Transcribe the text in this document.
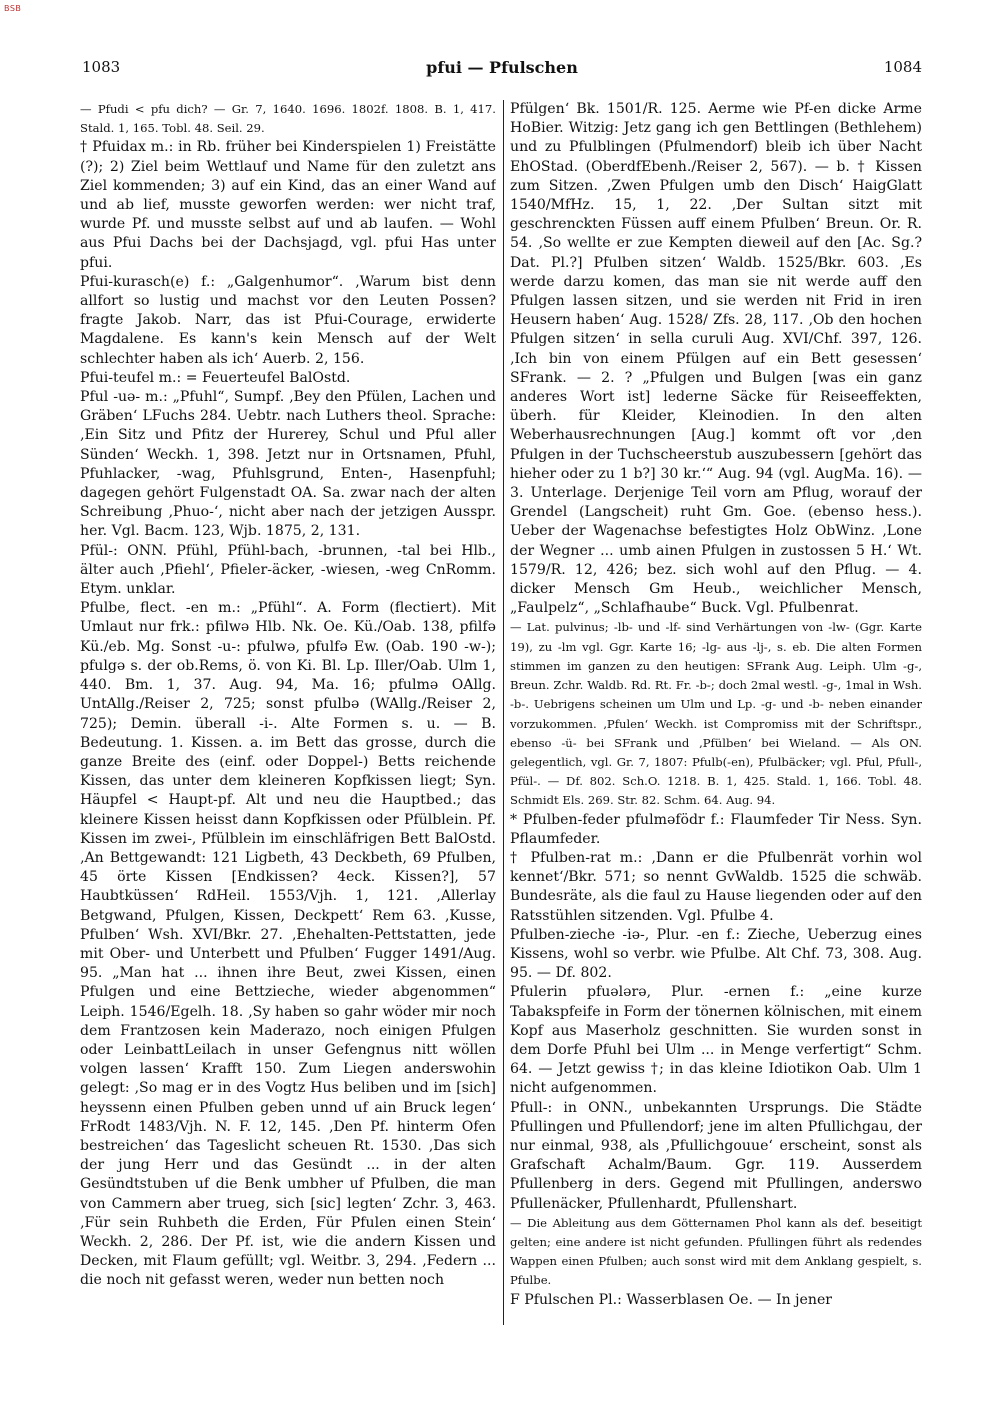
BSB
1083	pfui — Pfulschen	1084

— Pfudi < pfu dich? — Gr. 7, 1640. 1696. 1802f. 1808. B. 1, 417. Stald. 1, 165. Tobl. 48. Seil. 29.

† Pfuidax m.: in Rb. früher bei Kinderspielen 1) Freistätte (?); 2) Ziel beim Wettlauf und Name für den zuletzt ans Ziel kommenden; 3) auf ein Kind, das an einer Wand auf und ab lief, musste geworfen werden: wer nicht traf, wurde Pf. und musste selbst auf und ab laufen. — Wohl aus Pfui Dachs bei der Dachsjagd, vgl. pfui Has unter pfui.

Pfui-kurasch(e) f.: „Galgenhumor“. ‚Warum bist denn allfort so lustig und machst vor den Leuten Possen? fragte Jakob. Narr, das ist Pfui-Courage, erwiderte Magdalene. Es kann's kein Mensch auf der Welt schlechter haben als ich‘ Auerb. 2, 156.

Pfui-teufel m.: = Feuerteufel BalOstd.

Pful -uə- m.: „Pfuhl“, Sumpf. ‚Bey den Pfülen, Lachen und Gräben‘ LFuchs 284. Uebtr. nach Luthers theol. Sprache: ‚Ein Sitz und Pfitz der Hurerey, Schul und Pful aller Sünden‘ Weckh. 1, 398. Jetzt nur in Ortsnamen, Pfuhl, Pfuhlacker, -wag, Pfuhlsgrund, Enten-, Hasenpfuhl; dagegen gehört Fulgenstadt OA. Sa. zwar nach der alten Schreibung ‚Phuo-‘, nicht aber nach der jetzigen Ausspr. her. Vgl. Bacm. 123, Wjb. 1875, 2, 131.

Pfül-: ONN. Pfühl, Pfühl-bach, -brunnen, -tal bei Hlb., älter auch ‚Pfiehl‘, Pfieler-äcker, -wiesen, -weg CnRomm. Etym. unklar.

Pfulbe, flect. -en m.: „Pfühl“. A. Form (flectiert). Mit Umlaut nur frk.: pfilwə Hlb. Nk. Oe. Kü./Oab. 138, pfilfə Kü./eb. Mg. Sonst -u-: pfulwə, pfulfə Ew. (Oab. 190 -w-); pfulgə s. der ob.Rems, ö. von Ki. Bl. Lp. Iller/Oab. Ulm 1, 440. Bm. 1, 37. Aug. 94, Ma. 16; pfulmə OAllg. UntAllg./Reiser 2, 725; sonst pfulbə (WAllg./Reiser 2, 725); Demin. überall -i-. Alte Formen s. u. — B. Bedeutung. 1. Kissen. a. im Bett das grosse, durch die ganze Breite des (einf. oder Doppel-) Betts reichende Kissen, das unter dem kleineren Kopfkissen liegt; Syn. Häupfel < Haupt-pf. Alt und neu die Hauptbed.; das kleinere Kissen heisst dann Kopfkissen oder Pfülblein. Pf. Kissen im zwei-, Pfülblein im einschläfrigen Bett BalOstd. ‚An Bettgewandt: 121 Ligbeth, 43 Deckbeth, 69 Pfulben, 45 örte Kissen [Endkissen? 4eck. Kissen?], 57 Haubtküssen‘ RdHeil. 1553/Vjh. 1, 121. ‚Allerlay Betgwand, Pfulgen, Kissen, Deckpett‘ Rem 63. ‚Kusse, Pfulben‘ Wsh. XVI/Bkr. 27. ‚Ehehalten-Pettstatten, jede mit Ober- und Unterbett und Pfulben‘ Fugger 1491/Aug. 95. „Man hat ... ihnen ihre Beut, zwei Kissen, einen Pfulgen und eine Bettzieche, wieder abgenommen“ Leiph. 1546/Egelh. 18. ‚Sy haben so gahr wöder mir noch dem Frantzosen kein Maderazo, noch einigen Pfulgen oder LeinbattLeilach in unser Gefengnus nitt wöllen volgen lassen‘ Krafft 150. Zum Liegen anderswohin gelegt: ‚So mag er in des Vogtz Hus beliben und im [sich] heyssenn einen Pfulben geben unnd uf ain Bruck legen‘ FrRodt 1483/Vjh. N. F. 12, 145. ‚Den Pf. hinterm Ofen bestreichen‘ das Tageslicht scheuen Rt. 1530. ‚Das sich der jung Herr und das Gesündt ... in der alten Gesündtstuben uf die Benk umbher uf Pfulben, die man von Cammern aber trueg, sich [sic] legten‘ Zchr. 3, 463. ‚Für sein Ruhbeth die Erden, Für Pfulen einen Stein‘ Weckh. 2, 286. Der Pf. ist, wie die andern Kissen und Decken, mit Flaum gefüllt; vgl. Weitbr. 3, 294. ‚Federn ... die noch nit gefasst weren, weder nun betten noch

Pfülgen‘ Bk. 1501/R. 125. Aermе wie Pf-en dicke Arme HoBier. Witzig: Jetz gang ich gen Bettlingen (Bethlehem) und zu Pfulblingen (Pfulmendorf) bleib ich über Nacht EhOStad. (OberdfEbenh./Reiser 2, 567). — b. † Kissen zum Sitzen. ‚Zwen Pfulgen umb den Disch‘ HaigGlatt 1540/MfHz. 15, 1, 22. ‚Der Sultan sitzt mit geschrenckten Füssen auff einem Pfulben‘ Breun. Or. R. 54. ‚So wellte er zue Kempten dieweil auf den [Ac. Sg.? Dat. Pl.?] Pfulben sitzen‘ Waldb. 1525/Bkr. 603. ‚Es werde darzu komen, das man sie nit werde auff den Pfulgen lassen sitzen, und sie werden nit Frid in iren Heusern haben‘ Aug. 1528/ Zfs. 28, 117. ‚Ob den hochen Pfulgen sitzen‘ in sella curuli Aug. XVI/Chf. 397, 126. ‚Ich bin von einem Pfülgen auf ein Bett gesessen‘ SFrank. — 2. ? „Pfulgen und Bulgen [was ein ganz anderes Wort ist] lederne Säcke für Reiseeffekten, überh. für Kleider, Kleinodien. In den alten Weberhausrechnungen [Aug.] kommt oft vor ‚den Pfulgen in der Tuchscheerstub auszubessern [gehört das hieher oder zu 1 b?] 30 kr.‘“ Aug. 94 (vgl. AugMa. 16). — 3. Unterlage. Derjenige Teil vorn am Pflug, worauf der Grendel (Langscheit) ruht Gm. Goe. (ebenso hess.). Ueber der Wagenachse befestigtes Holz ObWinz. ‚Lone der Wegner ... umb ainen Pfulgen in zustossen 5 H.‘ Wt. 1579/R. 12, 426; bez. sich wohl auf den Pflug. — 4. dicker Mensch Gm Heub., weichlicher Mensch, „Faulpelz“, „Schlafhaube“ Buck. Vgl. Pfulbenrat.

— Lat. pulvinus; -lb- und -lf- sind Verhärtungen von -lw- (Ggr. Karte 19), zu -lm vgl. Ggr. Karte 16; -lg- aus -lj-, s. eb. Die alten Formen stimmen im ganzen zu den heutigen: SFrank Aug. Leiph. Ulm -g-, Breun. Zchr. Waldb. Rd. Rt. Fr. -b-; doch 2mal westl. -g-, 1mal in Wsh. -b-. Uebrigens scheinen um Ulm und Lp. -g- und -b- neben einander vorzukommen. ‚Pfulen‘ Weckh. ist Compromiss mit der Schriftspr., ebenso -ü- bei SFrank und ‚Pfülben‘ bei Wieland. — Als ON. gelegentlich, vgl. Gr. 7, 1807: Pfulb(-en), Pfulbäcker; vgl. Pful, Pfull-, Pfül-. — Df. 802. Sch.O. 1218. B. 1, 425. Stald. 1, 166. Tobl. 48. Schmidt Els. 269. Str. 82. Schm. 64. Aug. 94.

* Pfulben-feder pfulməfödr f.: Flaumfeder Tir Ness. Syn. Pflaumfeder.

† Pfulben-rat m.: ‚Dann er die Pfulbenrät vorhin wol kennet‘/Bkr. 571; so nennt GvWaldb. 1525 die schwäb. Bundesräte, als die faul zu Hause liegenden oder auf den Ratsstühlen sitzenden. Vgl. Pfulbe 4.

Pfulben-zieche -iə-, Plur. -en f.: Zieche, Ueberzug eines Kissens, wohl so verbr. wie Pfulbe. Alt Chf. 73, 308. Aug. 95. — Df. 802.

Pfulerin pfuələrə, Plur. -ernen f.: „eine kurze Tabakspfeife in Form der tönernen kölnischen, mit einem Kopf aus Maserholz geschnitten. Sie wurden sonst in dem Dorfe Pfuhl bei Ulm ... in Menge verfertigt“ Schm. 64. — Jetzt gewiss †; in das kleine Idiotikon Oab. Ulm 1 nicht aufgenommen.

Pfull-: in ONN., unbekannten Ursprungs. Die Städte Pfullingen und Pfullendorf; jene im alten Pfullichgau, der nur einmal, 938, als ‚Pfullichgouue‘ erscheint, sonst als Grafschaft Achalm/Baum. Ggr. 119. Ausserdem Pfullenberg in ders. Gegend mit Pfullingen, anderswo Pfullenäcker, Pfullenhardt, Pfullenshart.

— Die Ableitung aus dem Götternamen Phol kann als def. beseitigt gelten; eine andere ist nicht gefunden. Pfullingen führt als redendes Wappen einen Pfulben; auch sonst wird mit dem Anklang gespielt, s. Pfulbe.

F Pfulschen Pl.: Wasserblasen Oe. — In jener
